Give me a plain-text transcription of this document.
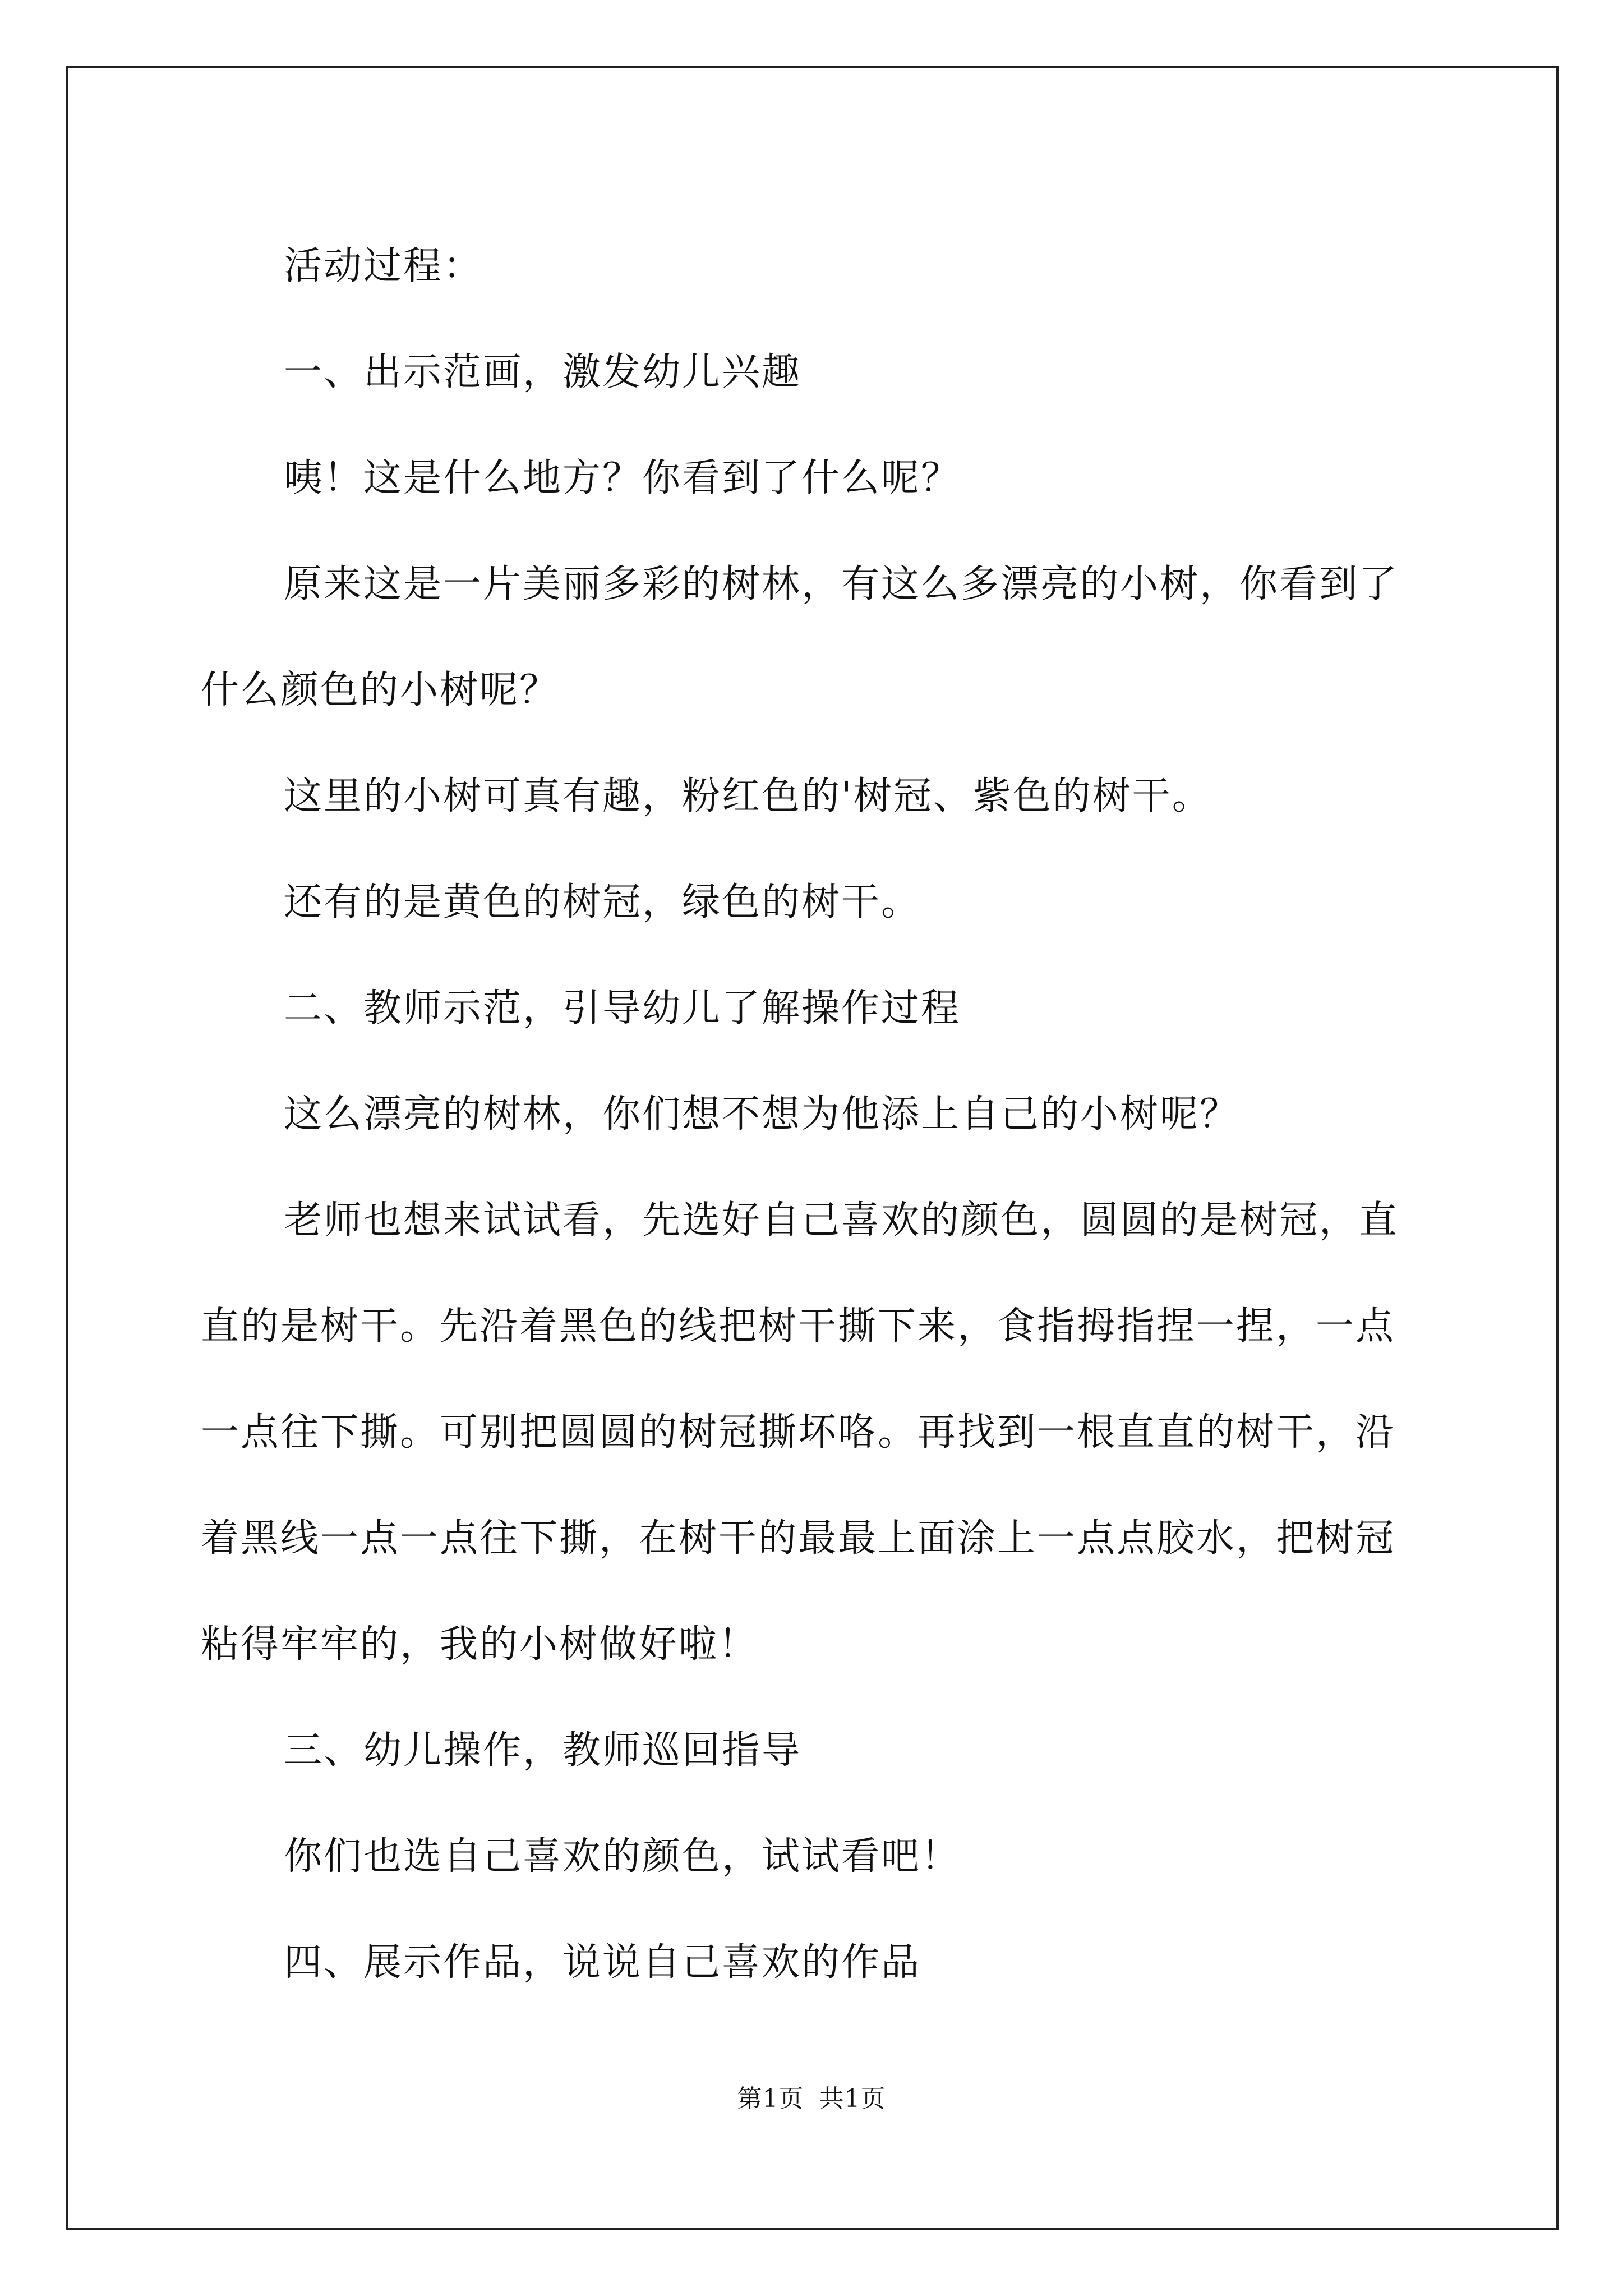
活动过程：

一、出示范画，激发幼儿兴趣

咦！这是什么地方？你看到了什么呢？

原来这是一片美丽多彩的树林，有这么多漂亮的小树，你看到了什么颜色的小树呢？

这里的小树可真有趣，粉红色的'树冠、紫色的树干。

还有的是黄色的树冠，绿色的树干。

二、教师示范，引导幼儿了解操作过程

这么漂亮的树林，你们想不想为他添上自己的小树呢？

老师也想来试试看，先选好自己喜欢的颜色，圆圆的是树冠，直直的是树干。先沿着黑色的线把树干撕下来，食指拇指捏一捏，一点一点往下撕。可别把圆圆的树冠撕坏咯。再找到一根直直的树干，沿着黑线一点一点往下撕，在树干的最最上面涂上一点点胶水，把树冠粘得牢牢的，我的小树做好啦！

三、幼儿操作，教师巡回指导

你们也选自己喜欢的颜色，试试看吧！

四、展示作品，说说自己喜欢的作品

第1页 共1页
